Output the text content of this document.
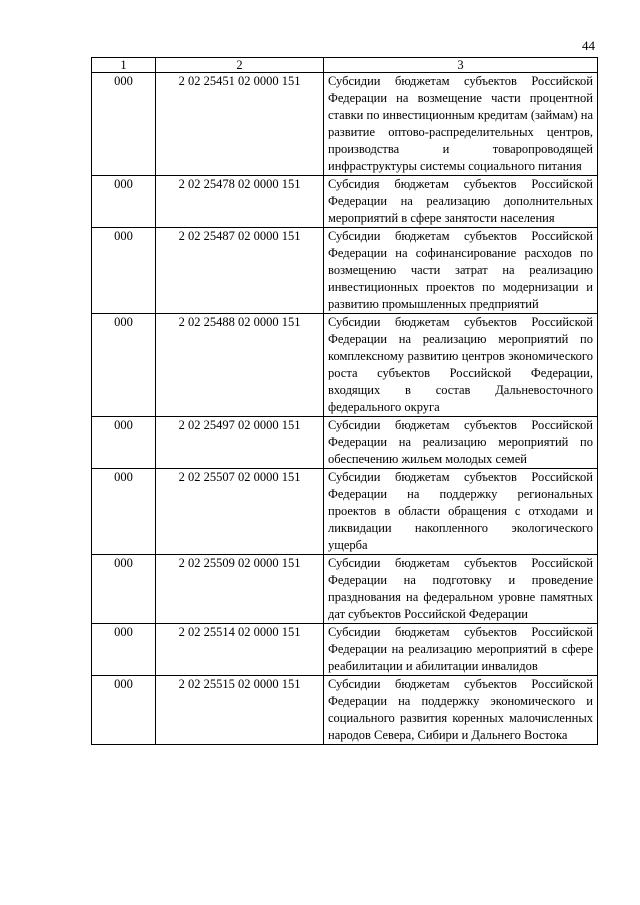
44
1	2	3
000	2 02 25451 02 0000 151	Субсидии бюджетам субъектов Российской Федерации на возмещение части процентной ставки по инвестиционным кредитам (займам) на развитие оптово-распределительных центров, производства и товаропроводящей инфраструктуры системы социального питания
000	2 02 25478 02 0000 151	Субсидия бюджетам субъектов Российской Федерации на реализацию дополнительных мероприятий в сфере занятости населения
000	2 02 25487 02 0000 151	Субсидии бюджетам субъектов Российской Федерации на софинансирование расходов по возмещению части затрат на реализацию инвестиционных проектов по модернизации и развитию промышленных предприятий
000	2 02 25488 02 0000 151	Субсидии бюджетам субъектов Российской Федерации на реализацию мероприятий по комплексному развитию центров экономического роста субъектов Российской Федерации, входящих в состав Дальневосточного федерального округа
000	2 02 25497 02 0000 151	Субсидии бюджетам субъектов Российской Федерации на реализацию мероприятий по обеспечению жильем молодых семей
000	2 02 25507 02 0000 151	Субсидии бюджетам субъектов Российской Федерации на поддержку региональных проектов в области обращения с отходами и ликвидации накопленного экологического ущерба
000	2 02 25509 02 0000 151	Субсидии бюджетам субъектов Российской Федерации на подготовку и проведение празднования на федеральном уровне памятных дат субъектов Российской Федерации
000	2 02 25514 02 0000 151	Субсидии бюджетам субъектов Российской Федерации на реализацию мероприятий в сфере реабилитации и абилитации инвалидов
000	2 02 25515 02 0000 151	Субсидии бюджетам субъектов Российской Федерации на поддержку экономического и социального развития коренных малочисленных народов Севера, Сибири и Дальнего Востока
